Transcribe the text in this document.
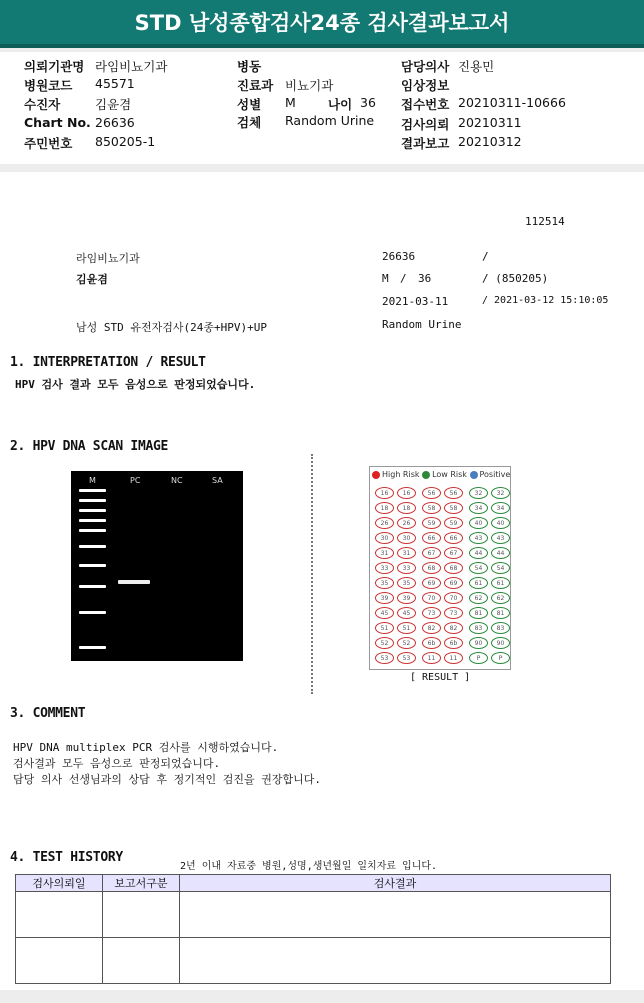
STD 남성종합검사24종 검사결과보고서
의뢰기관명 라임비뇨기과
병원코드 45571
수진자	김윤겸
Chart No. 26636
주민번호 850205-1
병동
진료과 비뇨기과
성별 M	나이 36
검체 Random Urine
담당의사 진용민
임상정보
접수번호 20210311-10666
검사의뢰 20210311
결과보고 20210312
112514
라임비뇨기과
김윤겸
남성 STD 유전자검사(24종+HPV)+UP
26636	/
M / 36	/ (850205)
2021-03-11	/ 2021-03-12 15:10:05
Random Urine
1. INTERPRETATION / RESULT
HPV 검사 결과 모두 음성으로 판정되었습니다.
2. HPV DNA SCAN IMAGE
M	PC	NC	SA
High Risk
Low Risk
Positive
16	16	56	56	32	32
18	18	58	58	34	34
26	26	59	59	40	40
30	30	66	66	43	43
31	31	67	67	44	44
33	33	68	68	54	54
35	35	69	69	61	61
39	39	70	70	62	62
45	45	73	73	81	81
51	51	82	82	83	83
52	52	6b	6b	90	90
53	53	11	11	P	P
[ RESULT ]
3. COMMENT
HPV DNA multiplex PCR 검사를 시행하였습니다.
검사결과 모두 음성으로 판정되었습니다.
담당 의사 선생님과의 상담 후 정기적인 검진을 권장합니다.
4. TEST HISTORY
2년 이내 자료중 병원,성명,생년월일 일치자료 입니다.
검사의뢰일	보고서구분	검사결과
